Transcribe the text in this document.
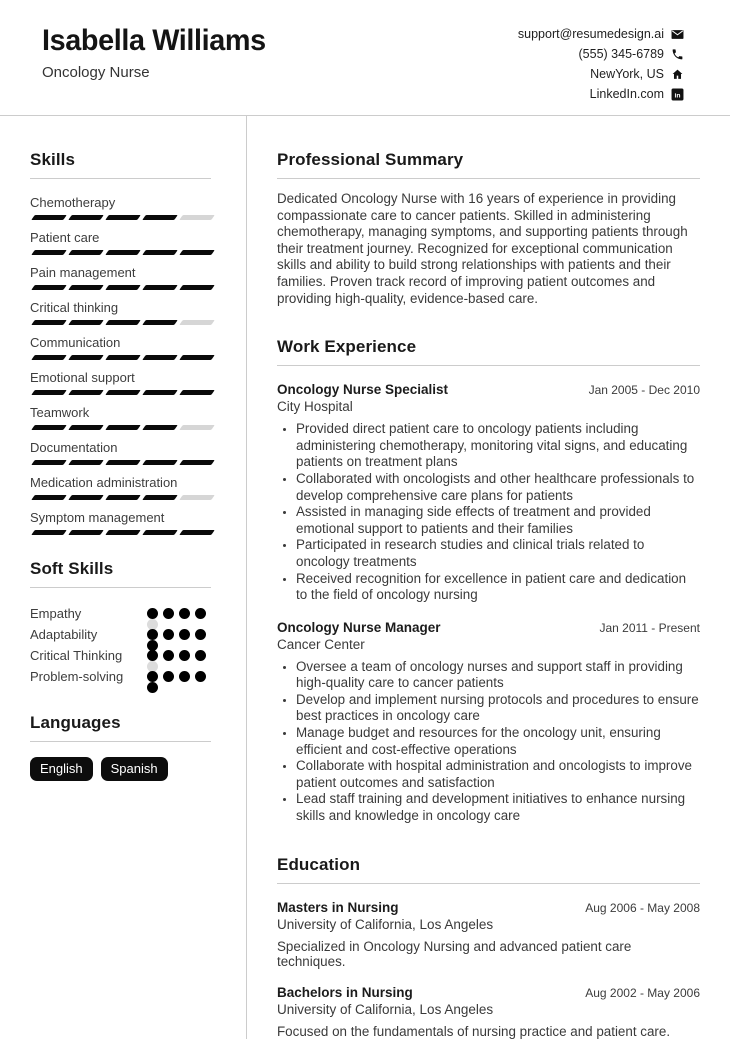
Isabella Williams
Oncology Nurse
support@resumedesign.ai
(555) 345-6789
NewYork, US
LinkedIn.com in
Skills
Chemotherapy
Patient care
Pain management
Critical thinking
Communication
Emotional support
Teamwork
Documentation
Medication administration
Symptom management
Soft Skills
Empathy
Adaptability
Critical Thinking
Problem-solving
Languages
English	Spanish
Professional Summary

Dedicated Oncology Nurse with 16 years of experience in providing compassionate care to cancer patients. Skilled in administering chemotherapy, managing symptoms, and supporting patients through their treatment journey. Recognized for exceptional communication skills and ability to build strong relationships with patients and their families. Proven track record of improving patient outcomes and providing high-quality, evidence-based care.

Work Experience
Oncology Nurse Specialist	Jan 2005 - Dec 2010
City Hospital
• Provided direct patient care to oncology patients including administering chemotherapy, monitoring vital signs, and educating patients on treatment plans
• Collaborated with oncologists and other healthcare professionals to develop comprehensive care plans for patients
• Assisted in managing side effects of treatment and provided emotional support to patients and their families
• Participated in research studies and clinical trials related to oncology treatments
• Received recognition for excellence in patient care and dedication to the field of oncology nursing
Oncology Nurse Manager	Jan 2011 - Present
Cancer Center
• Oversee a team of oncology nurses and support staff in providing high-quality care to cancer patients
• Develop and implement nursing protocols and procedures to ensure best practices in oncology care
• Manage budget and resources for the oncology unit, ensuring efficient and cost-effective operations
• Collaborate with hospital administration and oncologists to improve patient outcomes and satisfaction
• Lead staff training and development initiatives to enhance nursing skills and knowledge in oncology care
Education
Masters in Nursing	Aug 2006 - May 2008
University of California, Los Angeles
Specialized in Oncology Nursing and advanced patient care techniques.
Bachelors in Nursing	Aug 2002 - May 2006
University of California, Los Angeles
Focused on the fundamentals of nursing practice and patient care.
